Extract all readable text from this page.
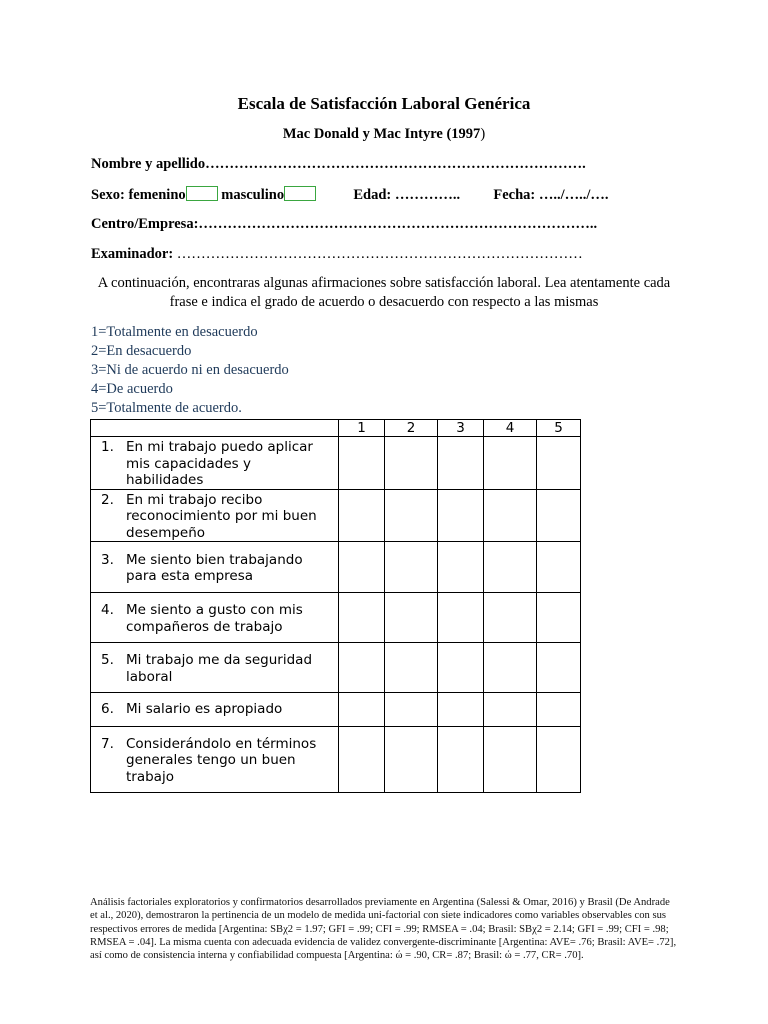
Escala de Satisfacción Laboral Genérica
Mac Donald y Mac Intyre (1997)
Nombre y apellido…………………………………………………………………….
Sexo: femenino masculino	Edad: ………….. Fecha: …../…../….
Centro/Empresa:………………………………………………………………………..
Examinador: …………………………………………………………………………
A continuación, encontraras algunas afirmaciones sobre satisfacción laboral. Lea atentamente cada frase e indica el grado de acuerdo o desacuerdo con respecto a las mismas
1=Totalmente en desacuerdo
2=En desacuerdo
3=Ni de acuerdo ni en desacuerdo
4=De acuerdo
5=Totalmente de acuerdo.
	1	2	3	4	5

1. En mi trabajo puedo aplicar mis capacidades y habilidades					

2. En mi trabajo recibo reconocimiento por mi buen desempeño					

3. Me siento bien trabajando para esta empresa					

4. Me siento a gusto con mis compañeros de trabajo					

5. Mi trabajo me da seguridad laboral					

6. Mi salario es apropiado					

7. Considerándolo en términos generales tengo un buen trabajo					

Análisis factoriales exploratorios y confirmatorios desarrollados previamente en Argentina (Salessi & Omar, 2016) y Brasil (De Andrade et al., 2020), demostraron la pertinencia de un modelo de medida uni-factorial con siete indicadores como variables observables con sus respectivos errores de medida [Argentina: SBχ2 = 1.97; GFI = .99; CFI = .99; RMSEA = .04; Brasil: SBχ2 = 2.14; GFI = .99; CFI = .98; RMSEA = .04]. La misma cuenta con adecuada evidencia de validez convergente-discriminante [Argentina: AVE= .76; Brasil: AVE= .72], así como de consistencia interna y confiabilidad compuesta [Argentina: ώ = .90, CR= .87; Brasil: ώ = .77, CR= .70].
